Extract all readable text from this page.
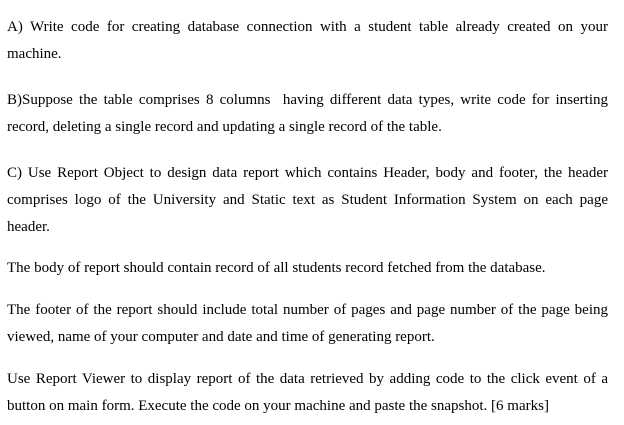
A) Write code for creating database connection with a student table already created on your machine.

B)Suppose the table comprises 8 columns  having different data types, write code for inserting record, deleting a single record and updating a single record of the table.

C) Use Report Object to design data report which contains Header, body and footer, the header comprises logo of the University and Static text as Student Information System on each page  header.

The body of report should contain record of all students record fetched from the database.

The footer of the report should include total number of pages and page number of the page being viewed, name of your computer and date and time of generating report.

Use Report Viewer to display report of the data retrieved by adding code to the click event of a button on main form. Execute the code on your machine and paste the snapshot. [6 marks]
